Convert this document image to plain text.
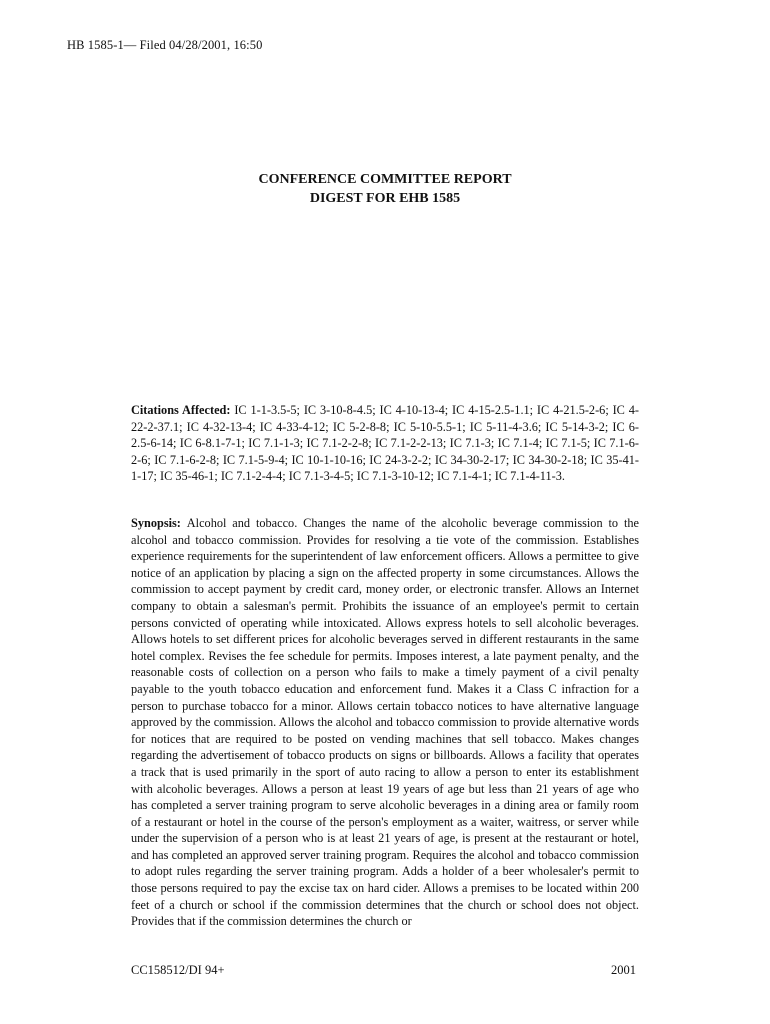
HB 1585-1— Filed 04/28/2001, 16:50
CONFERENCE COMMITTEE REPORT
DIGEST FOR EHB 1585
Citations Affected: IC 1-1-3.5-5; IC 3-10-8-4.5; IC 4-10-13-4; IC 4-15-2.5-1.1; IC 4-21.5-2-6; IC 4-22-2-37.1; IC 4-32-13-4; IC 4-33-4-12; IC 5-2-8-8; IC 5-10-5.5-1; IC 5-11-4-3.6; IC 5-14-3-2; IC 6-2.5-6-14; IC 6-8.1-7-1; IC 7.1-1-3; IC 7.1-2-2-8; IC 7.1-2-2-13; IC 7.1-3; IC 7.1-4; IC 7.1-5; IC 7.1-6-2-6; IC 7.1-6-2-8; IC 7.1-5-9-4; IC 10-1-10-16; IC 24-3-2-2; IC 34-30-2-17; IC 34-30-2-18; IC 35-41-1-17; IC 35-46-1; IC 7.1-2-4-4; IC 7.1-3-4-5; IC 7.1-3-10-12; IC 7.1-4-1; IC 7.1-4-11-3.
Synopsis: Alcohol and tobacco. Changes the name of the alcoholic beverage commission to the alcohol and tobacco commission. Provides for resolving a tie vote of the commission. Establishes experience requirements for the superintendent of law enforcement officers. Allows a permittee to give notice of an application by placing a sign on the affected property in some circumstances. Allows the commission to accept payment by credit card, money order, or electronic transfer. Allows an Internet company to obtain a salesman's permit. Prohibits the issuance of an employee's permit to certain persons convicted of operating while intoxicated. Allows express hotels to sell alcoholic beverages. Allows hotels to set different prices for alcoholic beverages served in different restaurants in the same hotel complex. Revises the fee schedule for permits. Imposes interest, a late payment penalty, and the reasonable costs of collection on a person who fails to make a timely payment of a civil penalty payable to the youth tobacco education and enforcement fund. Makes it a Class C infraction for a person to purchase tobacco for a minor. Allows certain tobacco notices to have alternative language approved by the commission. Allows the alcohol and tobacco commission to provide alternative words for notices that are required to be posted on vending machines that sell tobacco. Makes changes regarding the advertisement of tobacco products on signs or billboards. Allows a facility that operates a track that is used primarily in the sport of auto racing to allow a person to enter its establishment with alcoholic beverages. Allows a person at least 19 years of age but less than 21 years of age who has completed a server training program to serve alcoholic beverages in a dining area or family room of a restaurant or hotel in the course of the person's employment as a waiter, waitress, or server while under the supervision of a person who is at least 21 years of age, is present at the restaurant or hotel, and has completed an approved server training program. Requires the alcohol and tobacco commission to adopt rules regarding the server training program. Adds a holder of a beer wholesaler's permit to those persons required to pay the excise tax on hard cider. Allows a premises to be located within 200 feet of a church or school if the commission determines that the church or school does not object. Provides that if the commission determines the church or
CC158512/DI 94+	2001
